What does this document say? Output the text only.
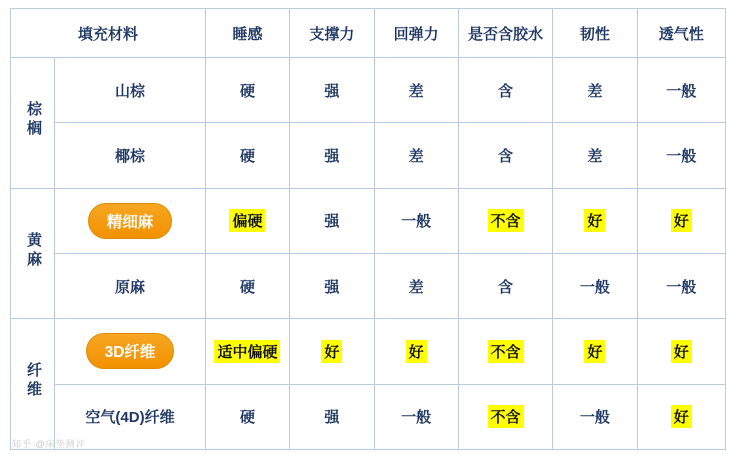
填充材料		睡感	支撑力	回弹力	是否含胶水	韧性	透气性
棕榈	山棕	硬	强	差	含	差	一般
	椰棕	硬	强	差	含	差	一般
黄麻	精细麻	偏硬	强	一般	不含	好	好
	原麻	硬	强	差	含	一般	一般
纤维	3D纤维	适中偏硬	好	好	不含	好	好
	空气(4D)纤维	硬	强	一般	不含	一般	好
知乎 @床垫测评
